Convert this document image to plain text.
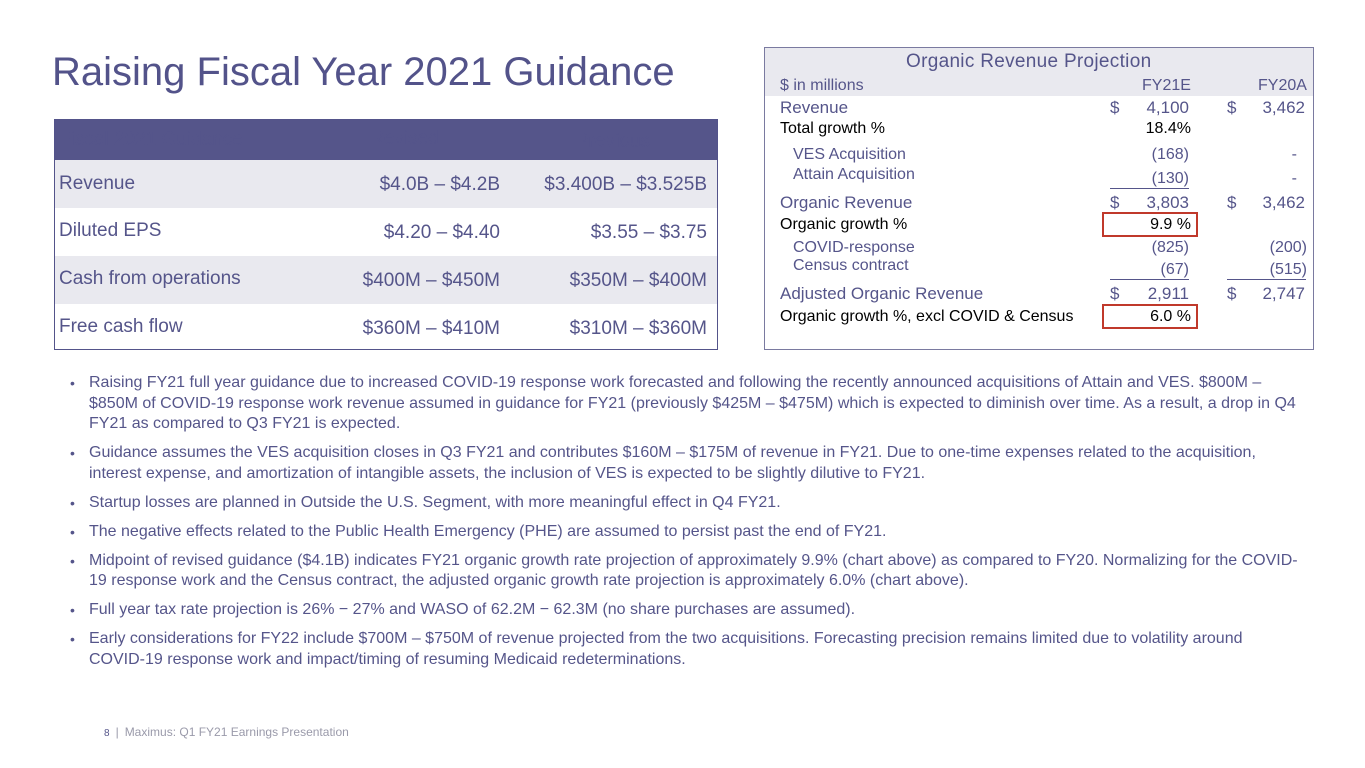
Raising Fiscal Year 2021 Guidance
Fiscal 2021 Guidance	Revised	Previous
Revenue	$4.0B – $4.2B $3.400B – $3.525B
Diluted EPS	$4.20 – $4.40	$3.55 – $3.75
Cash from operations	$400M – $450M	$350M – $400M
Free cash flow	$360M – $410M	$310M – $360M
Organic Revenue Projection
$ in millions	FY21E	FY20A
Revenue	$ 4,100 $ 3,462
Total growth %	18.4%
VES Acquisition	(168)	-
Attain Acquisition	(130)	-
Organic Revenue	$ 3,803 $ 3,462
Organic growth %	9.9 %
COVID-response	(825)	(200)
Census contract	(67)	(515)
Adjusted Organic Revenue	$ 2,911 $ 2,747
Organic growth %, excl COVID & Census	6.0 %
• Raising FY21 full year guidance due to increased COVID-19 response work forecasted and following the recently announced acquisitions of Attain and VES. $800M – $850M of COVID-19 response work revenue assumed in guidance for FY21 (previously $425M – $475M) which is expected to diminish over time. As a result, a drop in Q4 FY21 as compared to Q3 FY21 is expected.
• Guidance assumes the VES acquisition closes in Q3 FY21 and contributes $160M – $175M of revenue in FY21. Due to one-time expenses related to the acquisition, interest expense, and amortization of intangible assets, the inclusion of VES is expected to be slightly dilutive to FY21.
• Startup losses are planned in Outside the U.S. Segment, with more meaningful effect in Q4 FY21.
• The negative effects related to the Public Health Emergency (PHE) are assumed to persist past the end of FY21.
• Midpoint of revised guidance ($4.1B) indicates FY21 organic growth rate projection of approximately 9.9% (chart above) as compared to FY20. Normalizing for the COVID-19 response work and the Census contract, the adjusted organic growth rate projection is approximately 6.0% (chart above).
• Full year tax rate projection is 26% − 27% and WASO of 62.2M − 62.3M (no share purchases are assumed).
• Early considerations for FY22 include $700M – $750M of revenue projected from the two acquisitions. Forecasting precision remains limited due to volatility around COVID-19 response work and impact/timing of resuming Medicaid redeterminations.
8 | Maximus: Q1 FY21 Earnings Presentation
